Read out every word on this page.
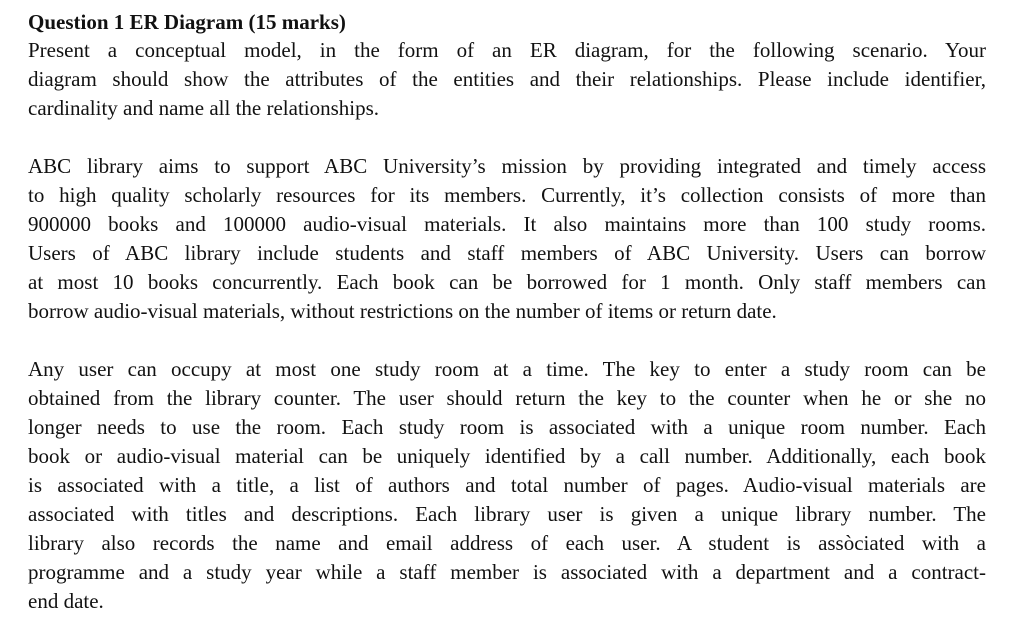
Question 1 ER Diagram (15 marks)

Present a conceptual model, in the form of an ER diagram, for the following scenario. Your
diagram should show the attributes of the entities and their relationships. Please include identifier,
cardinality and name all the relationships.

ABC library aims to support ABC University’s mission by providing integrated and timely access
to high quality scholarly resources for its members. Currently, it’s collection consists of more than
900000 books and 100000 audio-visual materials. It also maintains more than 100 study rooms.
Users of ABC library include students and staff members of ABC University. Users can borrow
at most 10 books concurrently. Each book can be borrowed for 1 month. Only staff members can
borrow audio-visual materials, without restrictions on the number of items or return date.

Any user can occupy at most one study room at a time. The key to enter a study room can be
obtained from the library counter. The user should return the key to the counter when he or she no
longer needs to use the room. Each study room is associated with a unique room number. Each
book or audio-visual material can be uniquely identified by a call number. Additionally, each book
is associated with a title, a list of authors and total number of pages. Audio-visual materials are
associated with titles and descriptions. Each library user is given a unique library number. The
library also records the name and email address of each user. A student is assòciated with a
programme and a study year while a staff member is associated with a department and a contract-
end date.
